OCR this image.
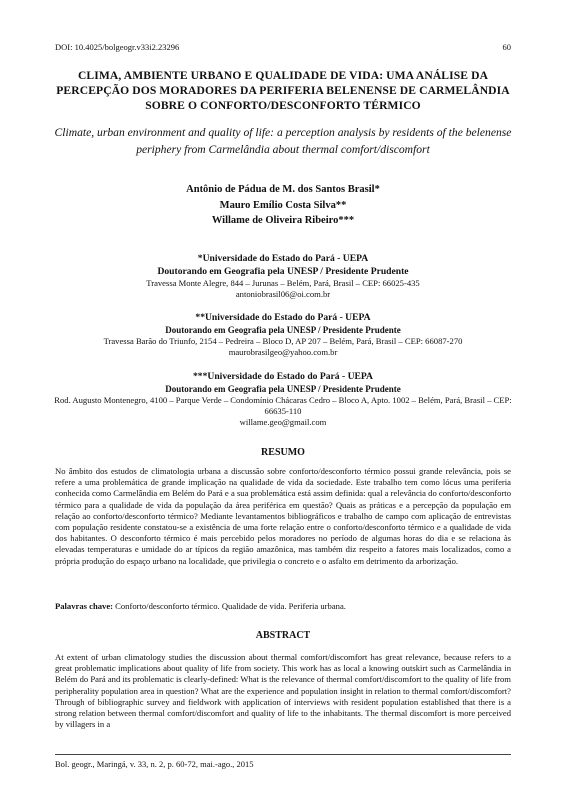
DOI: 10.4025/bolgeogr.v33i2.23296	60
CLIMA, AMBIENTE URBANO E QUALIDADE DE VIDA: UMA ANÁLISE DA PERCEPÇÃO DOS MORADORES DA PERIFERIA BELENENSE DE CARMELÂNDIA SOBRE O CONFORTO/DESCONFORTO TÉRMICO
Climate, urban environment and quality of life: a perception analysis by residents of the belenense periphery from Carmelândia about thermal comfort/discomfort
Antônio de Pádua de M. dos Santos Brasil*
Mauro Emílio Costa Silva**
Willame de Oliveira Ribeiro***
*Universidade do Estado do Pará - UEPA
Doutorando em Geografia pela UNESP / Presidente Prudente
Travessa Monte Alegre, 844 – Jurunas – Belém, Pará, Brasil – CEP: 66025-435
antoniobrasil06@oi.com.br
**Universidade do Estado do Pará - UEPA
Doutorando em Geografia pela UNESP / Presidente Prudente
Travessa Barão do Triunfo, 2154 – Pedreira – Bloco D, AP 207 – Belém, Pará, Brasil – CEP: 66087-270
maurobrasilgeo@yahoo.com.br
***Universidade do Estado do Pará - UEPA
Doutorando em Geografia pela UNESP / Presidente Prudente
Rod. Augusto Montenegro, 4100 – Parque Verde – Condomínio Chácaras Cedro – Bloco A, Apto. 1002 – Belém, Pará, Brasil – CEP: 66635-110
willame.geo@gmail.com
RESUMO
No âmbito dos estudos de climatologia urbana a discussão sobre conforto/desconforto térmico possui grande relevância, pois se refere a uma problemática de grande implicação na qualidade de vida da sociedade. Este trabalho tem como lócus uma periferia conhecida como Carmelândia em Belém do Pará e a sua problemática está assim definida: qual a relevância do conforto/desconforto térmico para a qualidade de vida da população da área periférica em questão? Quais as práticas e a percepção da população em relação ao conforto/desconforto térmico? Mediante levantamentos bibliográficos e trabalho de campo com aplicação de entrevistas com população residente constatou-se a existência de uma forte relação entre o conforto/desconforto térmico e a qualidade de vida dos habitantes. O desconforto térmico é mais percebido pelos moradores no período de algumas horas do dia e se relaciona às elevadas temperaturas e umidade do ar típicos da região amazônica, mas também diz respeito a fatores mais localizados, como a própria produção do espaço urbano na localidade, que privilegia o concreto e o asfalto em detrimento da arborização.
Palavras chave: Conforto/desconforto térmico. Qualidade de vida. Periferia urbana.
ABSTRACT
At extent of urban climatology studies the discussion about thermal comfort/discomfort has great relevance, because refers to a great problematic implications about quality of life from society. This work has as local a knowing outskirt such as Carmelândia in Belém do Pará and its problematic is clearly-defined: What is the relevance of thermal comfort/discomfort to the quality of life from peripherality population area in question? What are the experience and population insight in relation to thermal comfort/discomfort? Through of bibliographic survey and fieldwork with application of interviews with resident population established that there is a strong relation between thermal comfort/discomfort and quality of life to the inhabitants. The thermal discomfort is more perceived by villagers in a
Bol. geogr., Maringá, v. 33, n. 2, p. 60-72, mai.-ago., 2015
